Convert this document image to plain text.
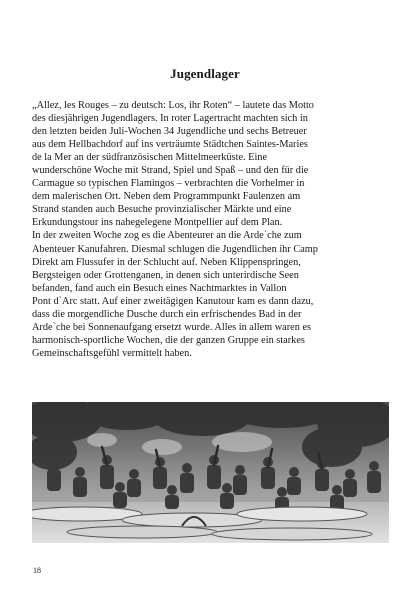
Jugendlager
„Allez, les Rouges – zu deutsch: Los, ihr Roten“ – lautete das Motto
des diesjährigen Jugendlagers. In roter Lagertracht machten sich in
den letzten beiden Juli-Wochen 34 Jugendliche und sechs Betreuer
aus dem Hellbachdorf auf ins verträumte Städtchen Saintes-Maries
de la Mer an der südfranzösischen Mittelmeerküste. Eine
wunderschöne Woche mit Strand, Spiel und Spaß – und den für die
Carmague so typischen Flamingos – verbrachten die Vorhelmer in
dem malerischen Ort. Neben dem Programmpunkt Faulenzen am
Strand standen auch Besuche provinzialischer Märkte und eine
Erkundungstour ins nahegelegene Montpellier auf dem Plan.
In der zweiten Woche zog es die Abenteurer an die Arde`che zum
Abenteuer Kanufahren. Diesmal schlugen die Jugendlichen ihr Camp
Direkt am Flussufer in der Schlucht auf. Neben Klippenspringen,
Bergsteigen oder Grottenganen, in denen sich unterirdische Seen
befanden, fand auch ein Besuch eines Nachtmarktes in Vallon
Pont d`Arc statt. Auf einer zweitägigen Kanutour kam es dann dazu,
dass die morgendliche Dusche durch ein erfrischendes Bad in der
Arde`che bei Sonnenaufgang ersetzt wurde. Alles in allem waren es
harmonisch-sportliche Wochen, die der ganzen Gruppe ein starkes
Gemeinschaftsgefühl vermittelt haben.
18
